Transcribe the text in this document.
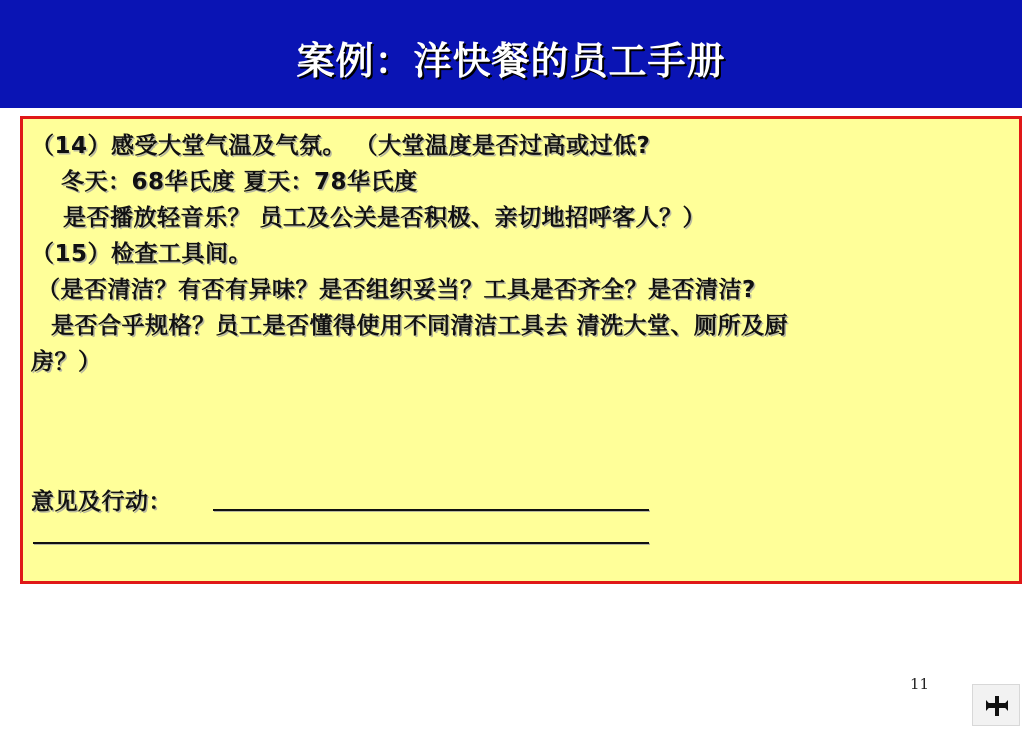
案例：洋快餐的员工手册
（14）感受大堂气温及气氛。 （大堂温度是否过高或过低?
冬天：68华氏度 夏天：78华氏度
是否播放轻音乐？ 员工及公关是否积极、亲切地招呼客人？）
（15）检查工具间。
（是否清洁？有否有异味？是否组织妥当？工具是否齐全？是否清洁?
是否合乎规格？员工是否懂得使用不同清洁工具去 清洗大堂、厕所及厨
房？）
意见及行动：
11
